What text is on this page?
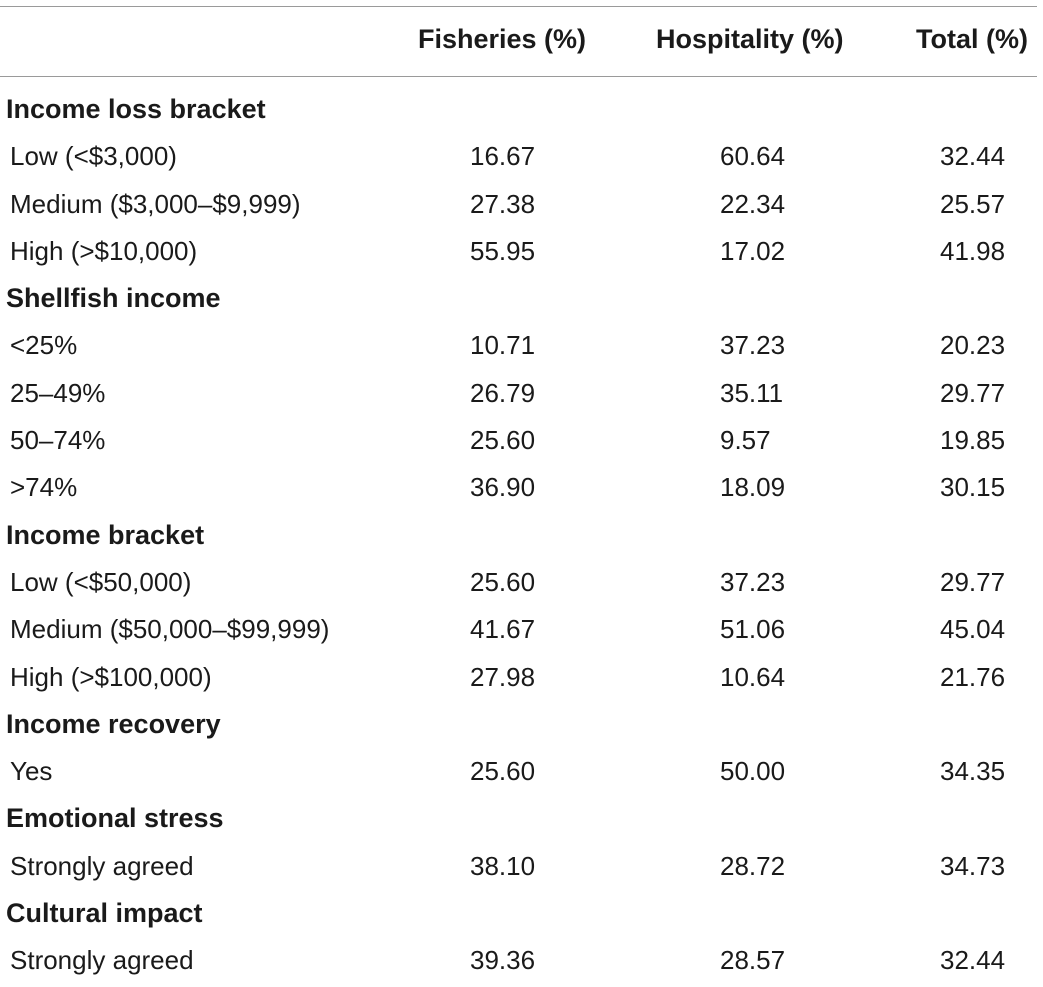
Fisheries (%)	Hospitality (%)	Total (%)
Income loss bracket
Low (<$3,000)	16.67	60.64	32.44
Medium ($3,000–$9,999)	27.38	22.34	25.57
High (>$10,000)	55.95	17.02	41.98
Shellfish income
<25%	10.71	37.23	20.23
25–49%	26.79	35.11	29.77
50–74%	25.60	9.57	19.85
>74%	36.90	18.09	30.15
Income bracket
Low (<$50,000)	25.60	37.23	29.77
Medium ($50,000–$99,999)	41.67	51.06	45.04
High (>$100,000)	27.98	10.64	21.76
Income recovery
Yes	25.60	50.00	34.35
Emotional stress
Strongly agreed	38.10	28.72	34.73
Cultural impact
Strongly agreed	39.36	28.57	32.44
